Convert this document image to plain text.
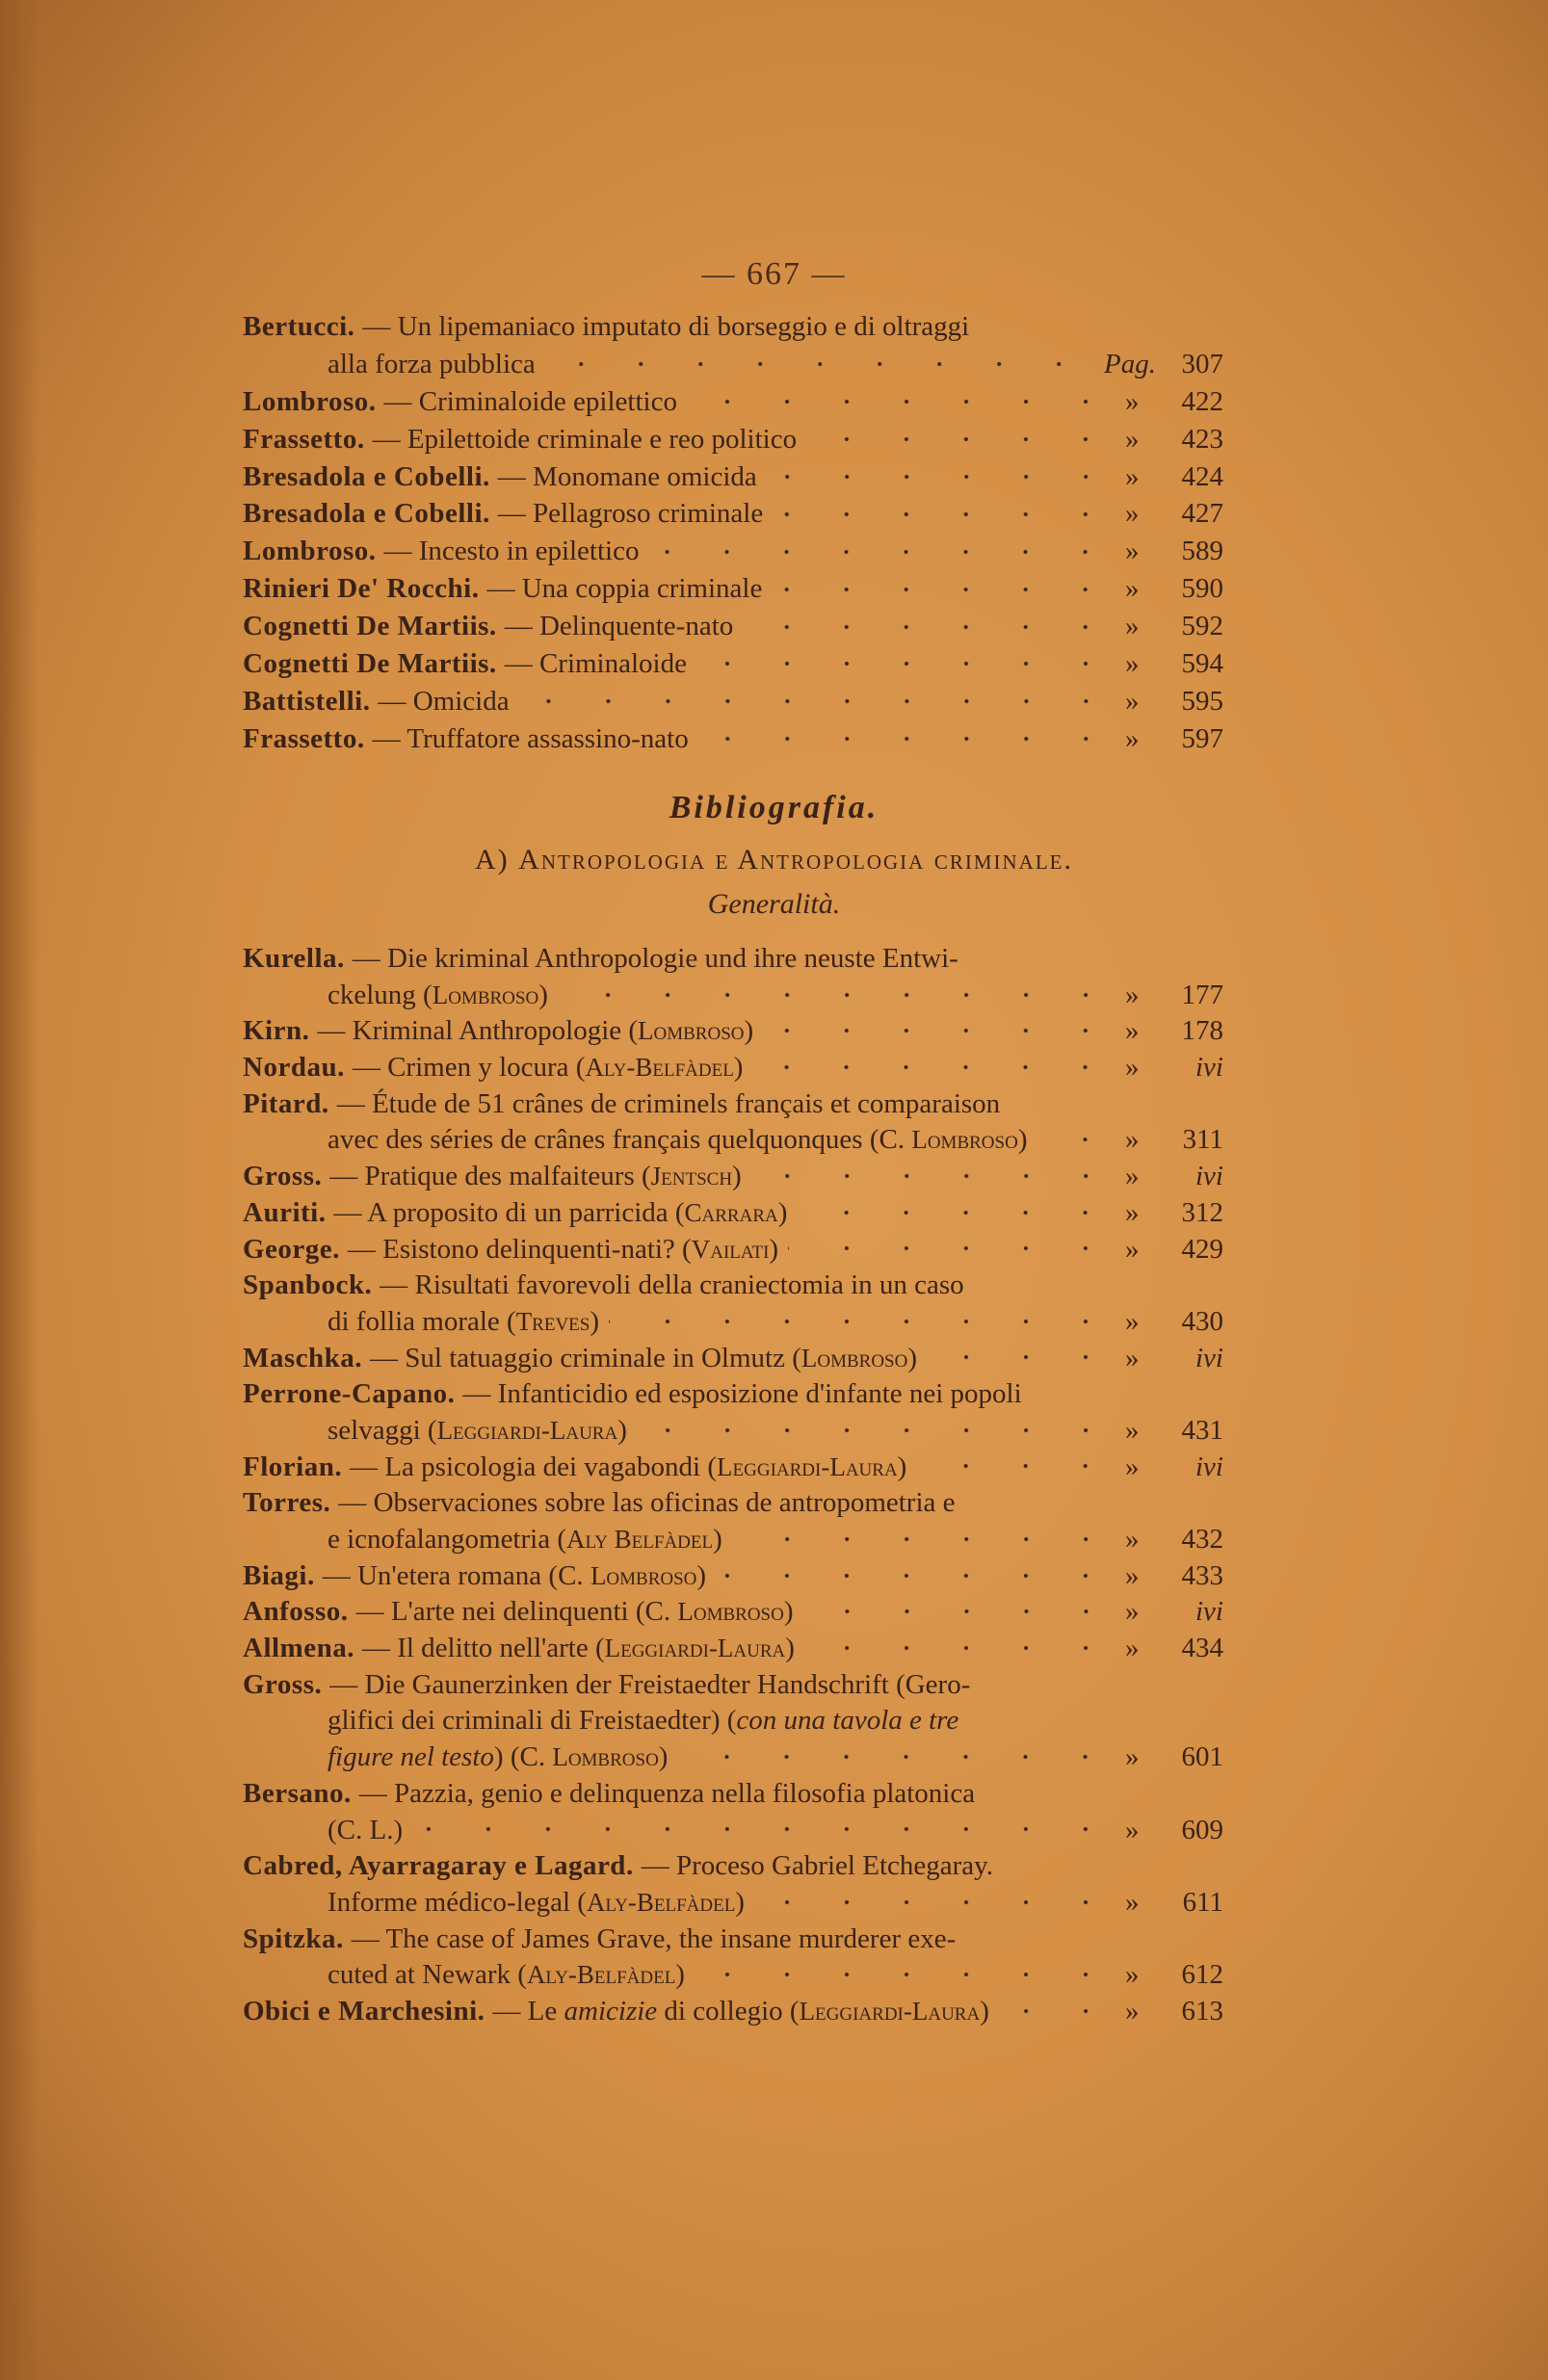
— 667 —
Bertucci. — Un lipemaniaco imputato di borseggio e di oltraggi
alla forza pubblica	Pag. 307
Lombroso. — Criminaloide epilettico	»	422
Frassetto. — Epilettoide criminale e reo politico	»	423
Bresadola e Cobelli. — Monomane omicida	»	424
Bresadola e Cobelli. — Pellagroso criminale	»	427
Lombroso. — Incesto in epilettico	»	589
Rinieri De' Rocchi. — Una coppia criminale	»	590
Cognetti De Martiis. — Delinquente-nato	»	592
Cognetti De Martiis. — Criminaloide	»	594
Battistelli. — Omicida	»	595
Frassetto. — Truffatore assassino-nato	»	597
Bibliografia.
A) Antropologia e Antropologia criminale.
Generalità.
Kurella. — Die kriminal Anthropologie und ihre neuste Entwi-
ckelung (Lombroso)	»	177
Kirn. — Kriminal Anthropologie (Lombroso)	»	178
Nordau. — Crimen y locura (Aly-Belfàdel)	»	ivi
Pitard. — Étude de 51 crânes de criminels français et comparaison
avec des séries de crânes français quelquonques (C. Lombroso)	»	311
Gross. — Pratique des malfaiteurs (Jentsch)	»	ivi
Auriti. — A proposito di un parricida (Carrara)	»	312
George. — Esistono delinquenti-nati? (Vailati)	»	429
Spanbock. — Risultati favorevoli della craniectomia in un caso
di follia morale (Treves)	»	430
Maschka. — Sul tatuaggio criminale in Olmutz (Lombroso)	»	ivi
Perrone-Capano. — Infanticidio ed esposizione d'infante nei popoli
selvaggi (Leggiardi-Laura)	»	431
Florian. — La psicologia dei vagabondi (Leggiardi-Laura)	»	ivi
Torres. — Observaciones sobre las oficinas de antropometria e
e icnofalangometria (Aly Belfàdel)	»	432
Biagi. — Un'etera romana (C. Lombroso)	»	433
Anfosso. — L'arte nei delinquenti (C. Lombroso)	»	ivi
Allmena. — Il delitto nell'arte (Leggiardi-Laura)	»	434
Gross. — Die Gaunerzinken der Freistaedter Handschrift (Gero-
glifici dei criminali di Freistaedter) (con una tavola e tre
figure nel testo) (C. Lombroso)	»	601
Bersano. — Pazzia, genio e delinquenza nella filosofia platonica
(C. L.)	»	609
Cabred, Ayarragaray e Lagard. — Proceso Gabriel Etchegaray.
Informe médico-legal (Aly-Belfàdel)	»	611
Spitzka. — The case of James Grave, the insane murderer exe-
cuted at Newark (Aly-Belfàdel)	»	612
Obici e Marchesini. — Le amicizie di collegio (Leggiardi-Laura)	»	613
